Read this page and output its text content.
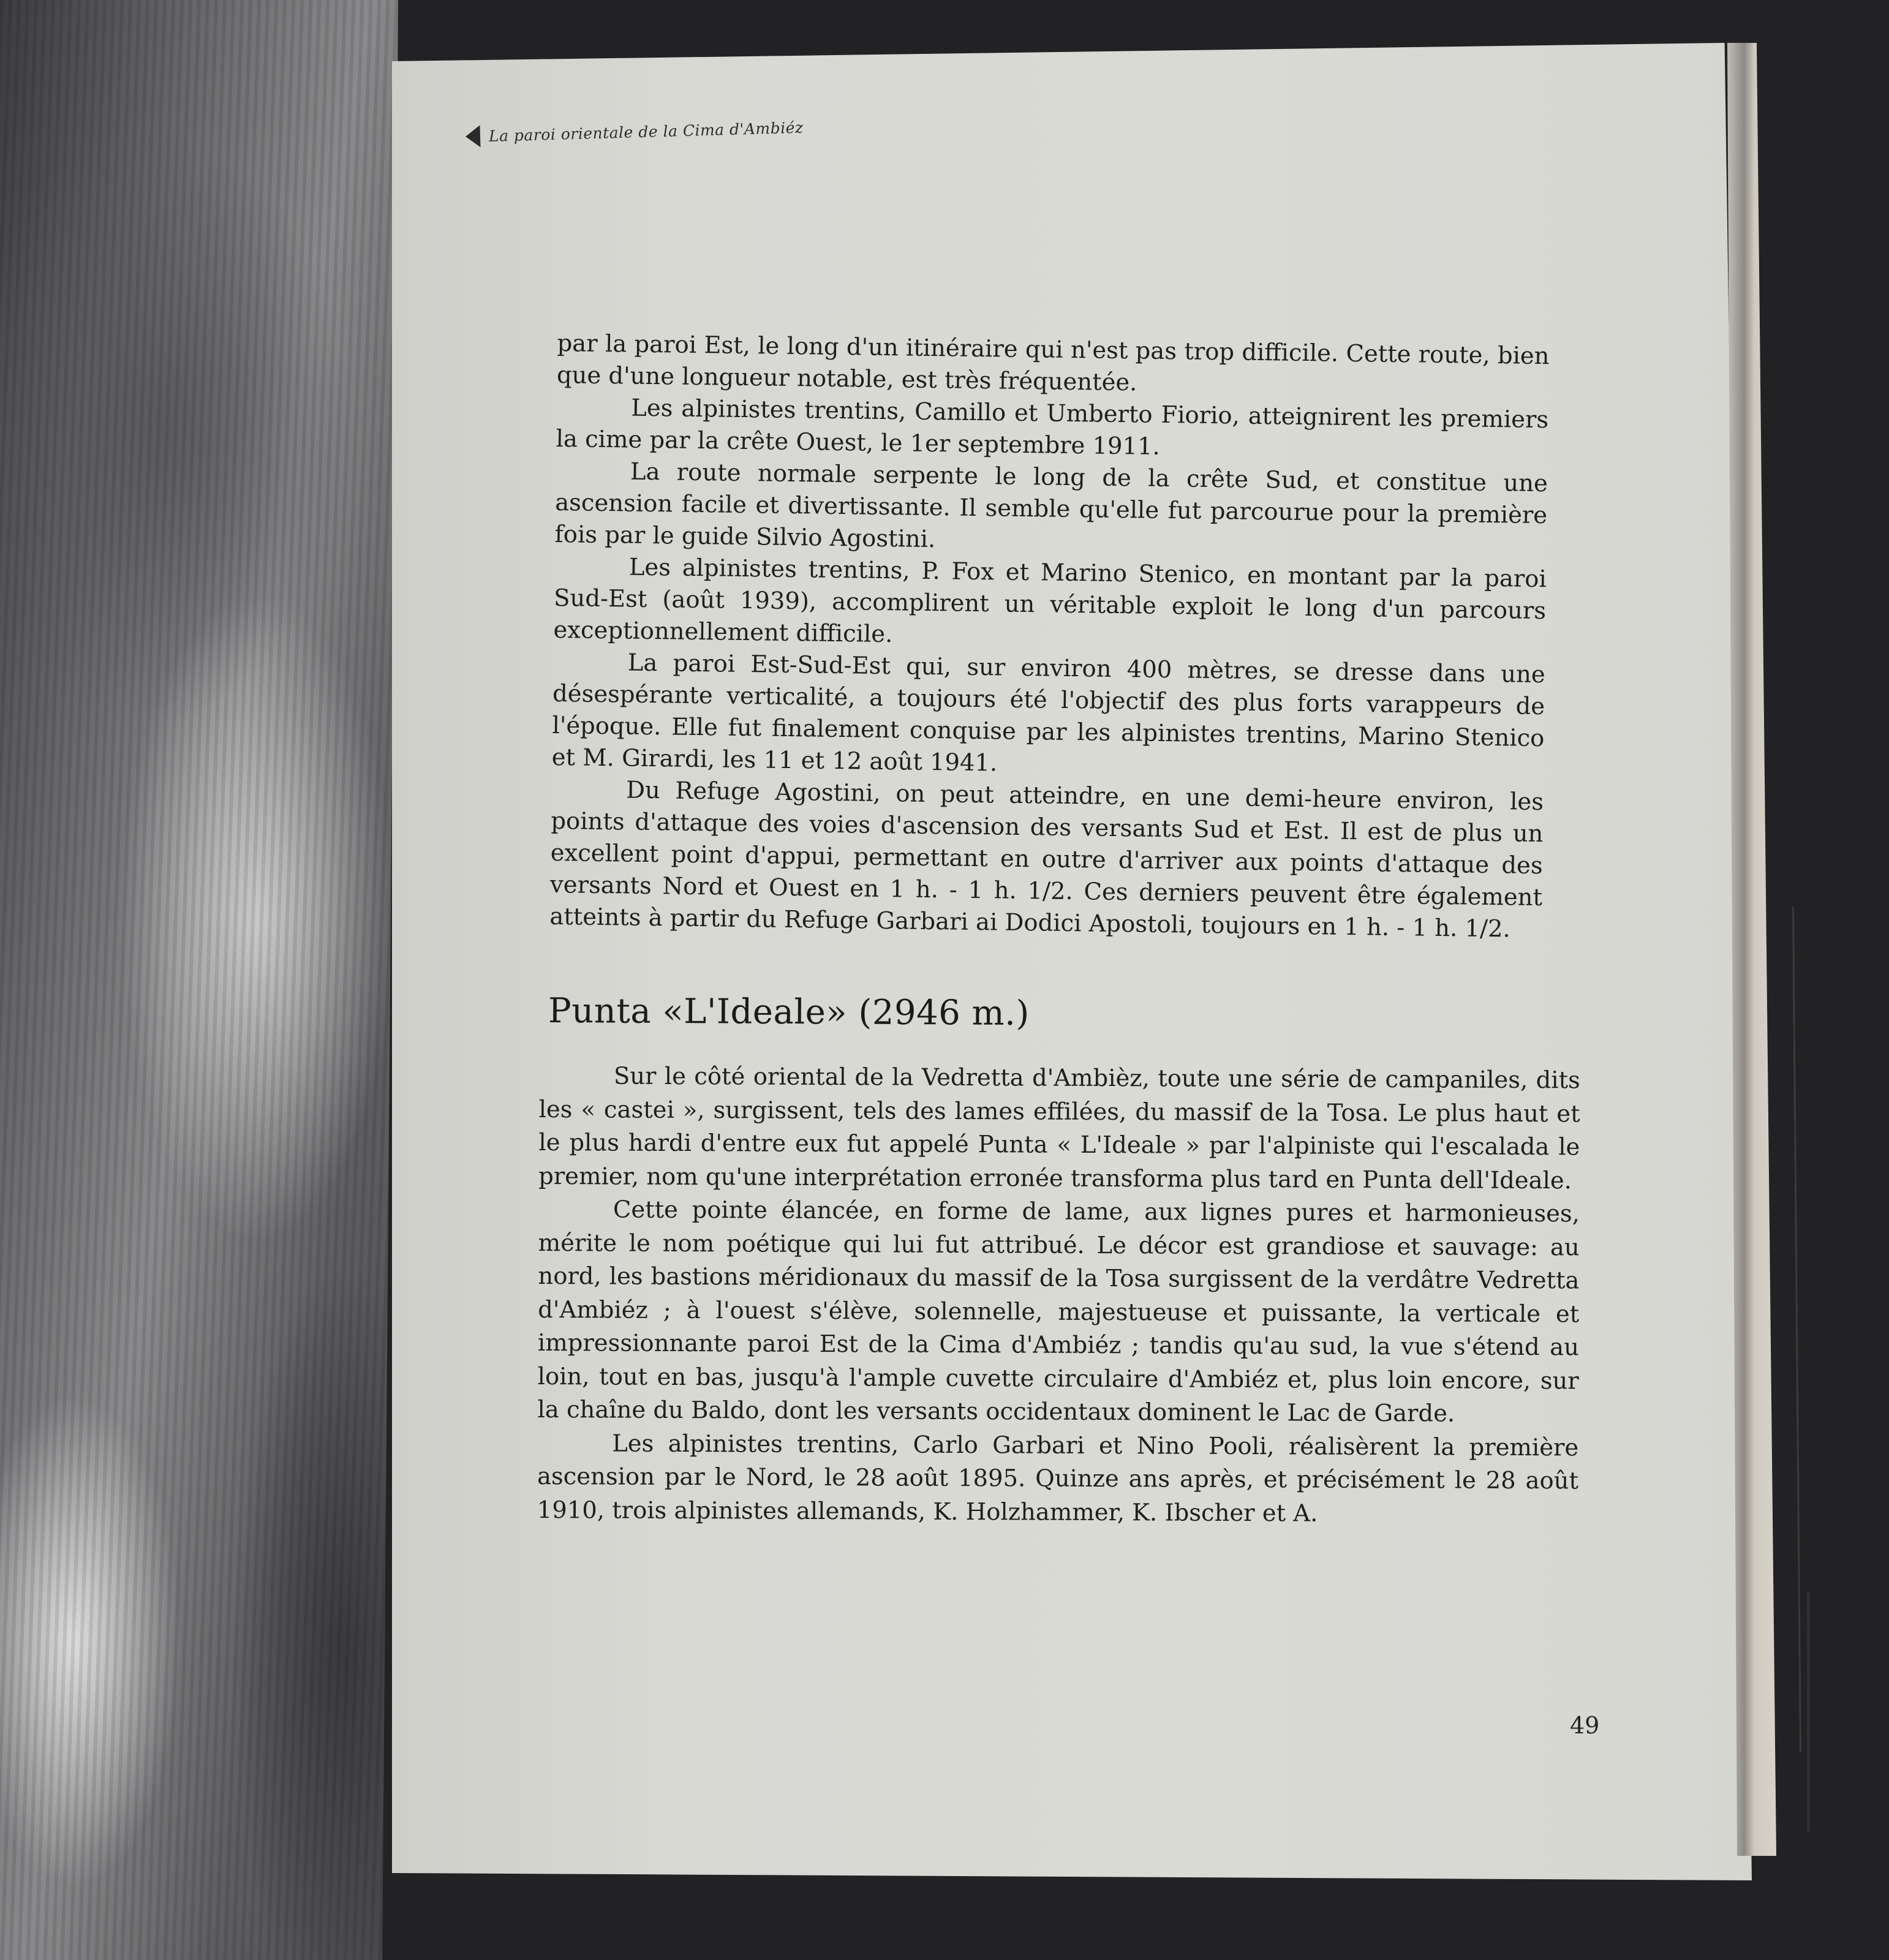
La paroi orientale de la Cima d'Ambiéz

par la paroi Est, le long d'un itinéraire qui n'est pas trop difficile. Cette route, bien que d'une longueur notable, est très fréquentée.

Les alpinistes trentins, Camillo et Umberto Fiorio, atteignirent les premiers la cime par la crête Ouest, le 1er septembre 1911.

La route normale serpente le long de la crête Sud, et constitue une ascension facile et divertissante. Il semble qu'elle fut parcourue pour la première fois par le guide Silvio Agostini.

Les alpinistes trentins, P. Fox et Marino Stenico, en montant par la paroi Sud-Est (août 1939), accomplirent un véritable exploit le long d'un parcours exceptionnellement difficile.

La paroi Est-Sud-Est qui, sur environ 400 mètres, se dresse dans une désespérante verticalité, a toujours été l'objectif des plus forts varappeurs de l'époque. Elle fut finalement conquise par les alpinistes trentins, Marino Stenico et M. Girardi, les 11 et 12 août 1941.

Du Refuge Agostini, on peut atteindre, en une demi-heure environ, les points d'attaque des voies d'ascension des versants Sud et Est. Il est de plus un excellent point d'appui, permettant en outre d'arriver aux points d'attaque des versants Nord et Ouest en 1 h. - 1 h. 1/2. Ces derniers peuvent être également atteints à partir du Refuge Garbari ai Dodici Apostoli, toujours en 1 h. - 1 h. 1/2.

Punta «L'Ideale» (2946 m.)

Sur le côté oriental de la Vedretta d'Ambièz, toute une série de campaniles, dits les « castei », surgissent, tels des lames effilées, du massif de la Tosa. Le plus haut et le plus hardi d'entre eux fut appelé Punta « L'Ideale » par l'alpiniste qui l'escalada le premier, nom qu'une interprétation erronée transforma plus tard en Punta dell'Ideale.

Cette pointe élancée, en forme de lame, aux lignes pures et harmonieuses, mérite le nom poétique qui lui fut attribué. Le décor est grandiose et sauvage: au nord, les bastions méridionaux du massif de la Tosa surgissent de la verdâtre Vedretta d'Ambiéz ; à l'ouest s'élève, solennelle, majestueuse et puissante, la verticale et impressionnante paroi Est de la Cima d'Ambiéz ; tandis qu'au sud, la vue s'étend au loin, tout en bas, jusqu'à l'ample cuvette circulaire d'Ambiéz et, plus loin encore, sur la chaîne du Baldo, dont les versants occidentaux dominent le Lac de Garde.

Les alpinistes trentins, Carlo Garbari et Nino Pooli, réalisèrent la première ascension par le Nord, le 28 août 1895. Quinze ans après, et précisément le 28 août 1910, trois alpinistes allemands, K. Holzhammer, K. Ibscher et A.

49
